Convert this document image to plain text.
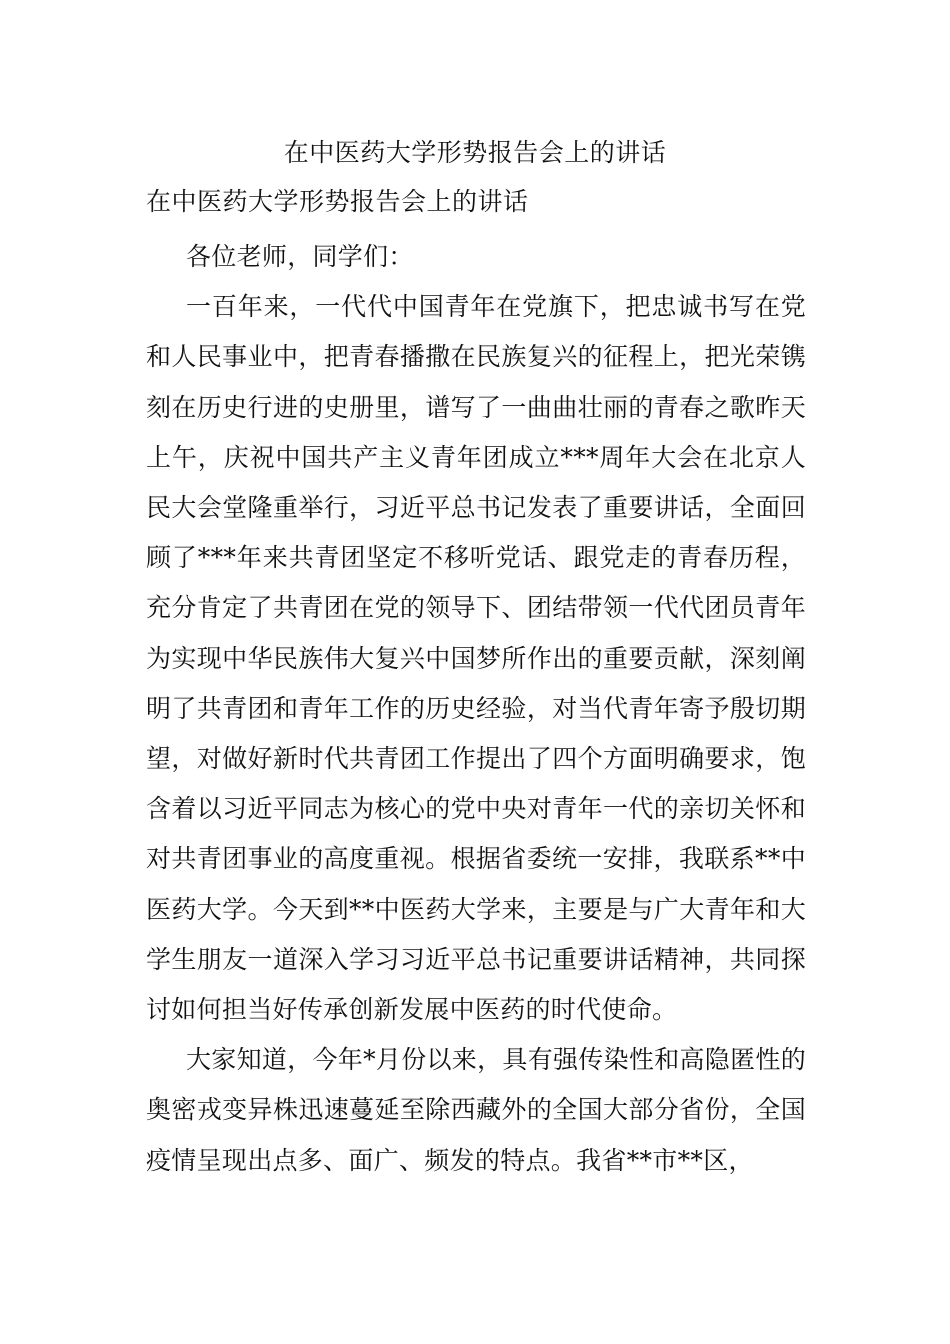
在中医药大学形势报告会上的讲话
在中医药大学形势报告会上的讲话

各位老师，同学们：

一百年来，一代代中国青年在党旗下，把忠诚书写在党和人民事业中，把青春播撒在民族复兴的征程上，把光荣镌刻在历史行进的史册里，谱写了一曲曲壮丽的青春之歌昨天上午，庆祝中国共产主义青年团成立***周年大会在北京人民大会堂隆重举行，习近平总书记发表了重要讲话，全面回顾了***年来共青团坚定不移听党话、跟党走的青春历程，充分肯定了共青团在党的领导下、团结带领一代代团员青年为实现中华民族伟大复兴中国梦所作出的重要贡献，深刻阐明了共青团和青年工作的历史经验，对当代青年寄予殷切期望，对做好新时代共青团工作提出了四个方面明确要求，饱含着以习近平同志为核心的党中央对青年一代的亲切关怀和对共青团事业的高度重视。根据省委统一安排，我联系**中医药大学。今天到**中医药大学来，主要是与广大青年和大学生朋友一道深入学习习近平总书记重要讲话精神，共同探讨如何担当好传承创新发展中医药的时代使命。

大家知道，今年*月份以来，具有强传染性和高隐匿性的奥密戎变异株迅速蔓延至除西藏外的全国大部分省份，全国疫情呈现出点多、面广、频发的特点。我省**市**区，
